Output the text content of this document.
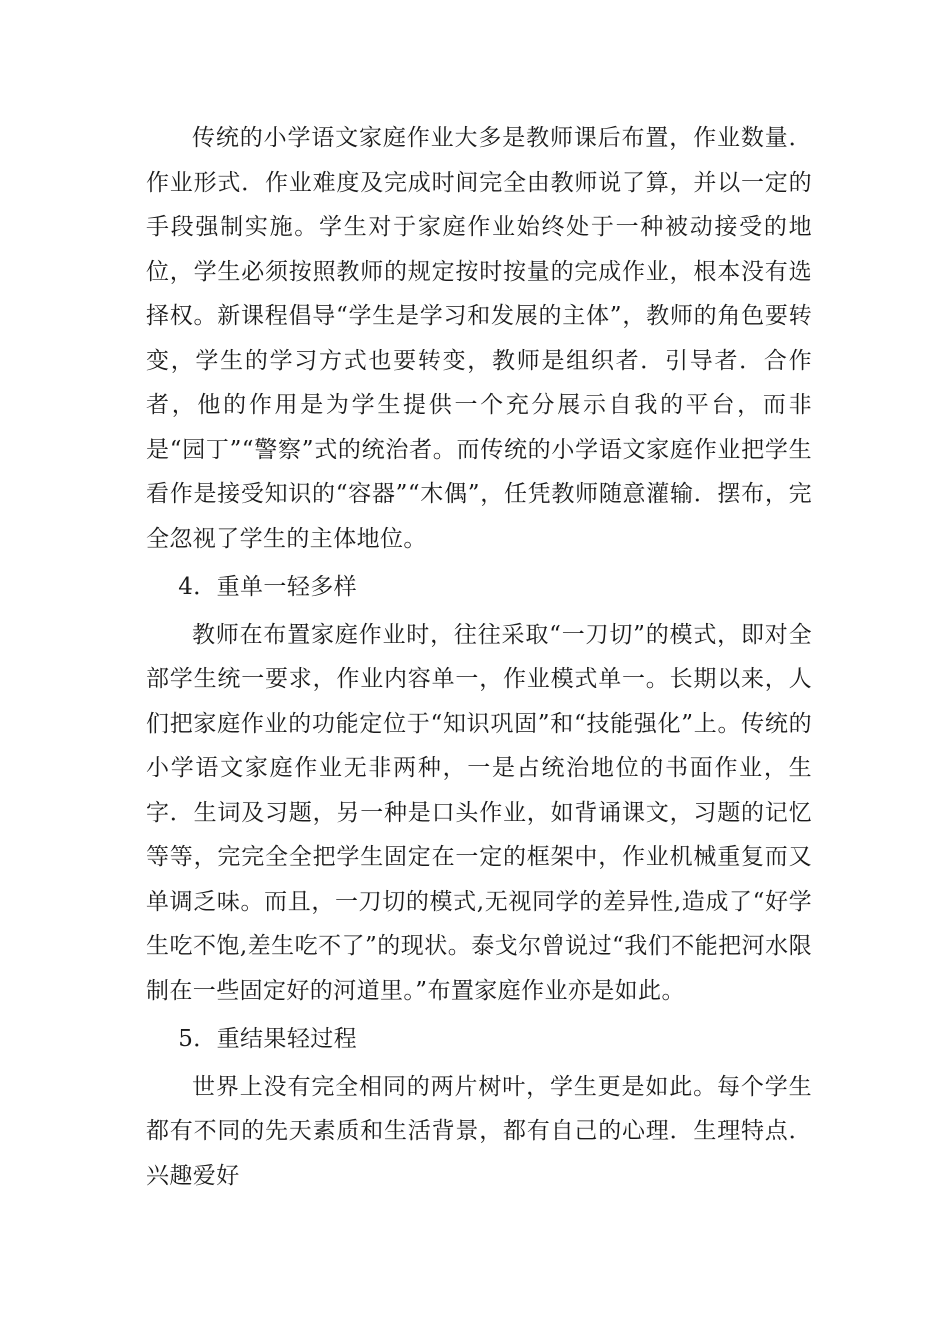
传统的小学语文家庭作业大多是教师课后布置，作业数量．作业形式．作业难度及完成时间完全由教师说了算，并以一定的手段强制实施。学生对于家庭作业始终处于一种被动接受的地位，学生必须按照教师的规定按时按量的完成作业，根本没有选择权。新课程倡导“学生是学习和发展的主体”，教师的角色要转变，学生的学习方式也要转变，教师是组织者．引导者．合作者，他的作用是为学生提供一个充分展示自我的平台，而非是“园丁”“警察”式的统治者。而传统的小学语文家庭作业把学生看作是接受知识的“容器”“木偶”，任凭教师随意灌输．摆布，完全忽视了学生的主体地位。

4．重单一轻多样

教师在布置家庭作业时，往往采取“一刀切”的模式，即对全部学生统一要求，作业内容单一，作业模式单一。长期以来，人们把家庭作业的功能定位于“知识巩固”和“技能强化”上。传统的小学语文家庭作业无非两种，一是占统治地位的书面作业，生字．生词及习题，另一种是口头作业，如背诵课文，习题的记忆等等，完完全全把学生固定在一定的框架中，作业机械重复而又单调乏味。而且，一刀切的模式,无视同学的差异性,造成了“好学生吃不饱,差生吃不了”的现状。泰戈尔曾说过“我们不能把河水限制在一些固定好的河道里。”布置家庭作业亦是如此。

5．重结果轻过程

世界上没有完全相同的两片树叶，学生更是如此。每个学生都有不同的先天素质和生活背景，都有自己的心理．生理特点．兴趣爱好
